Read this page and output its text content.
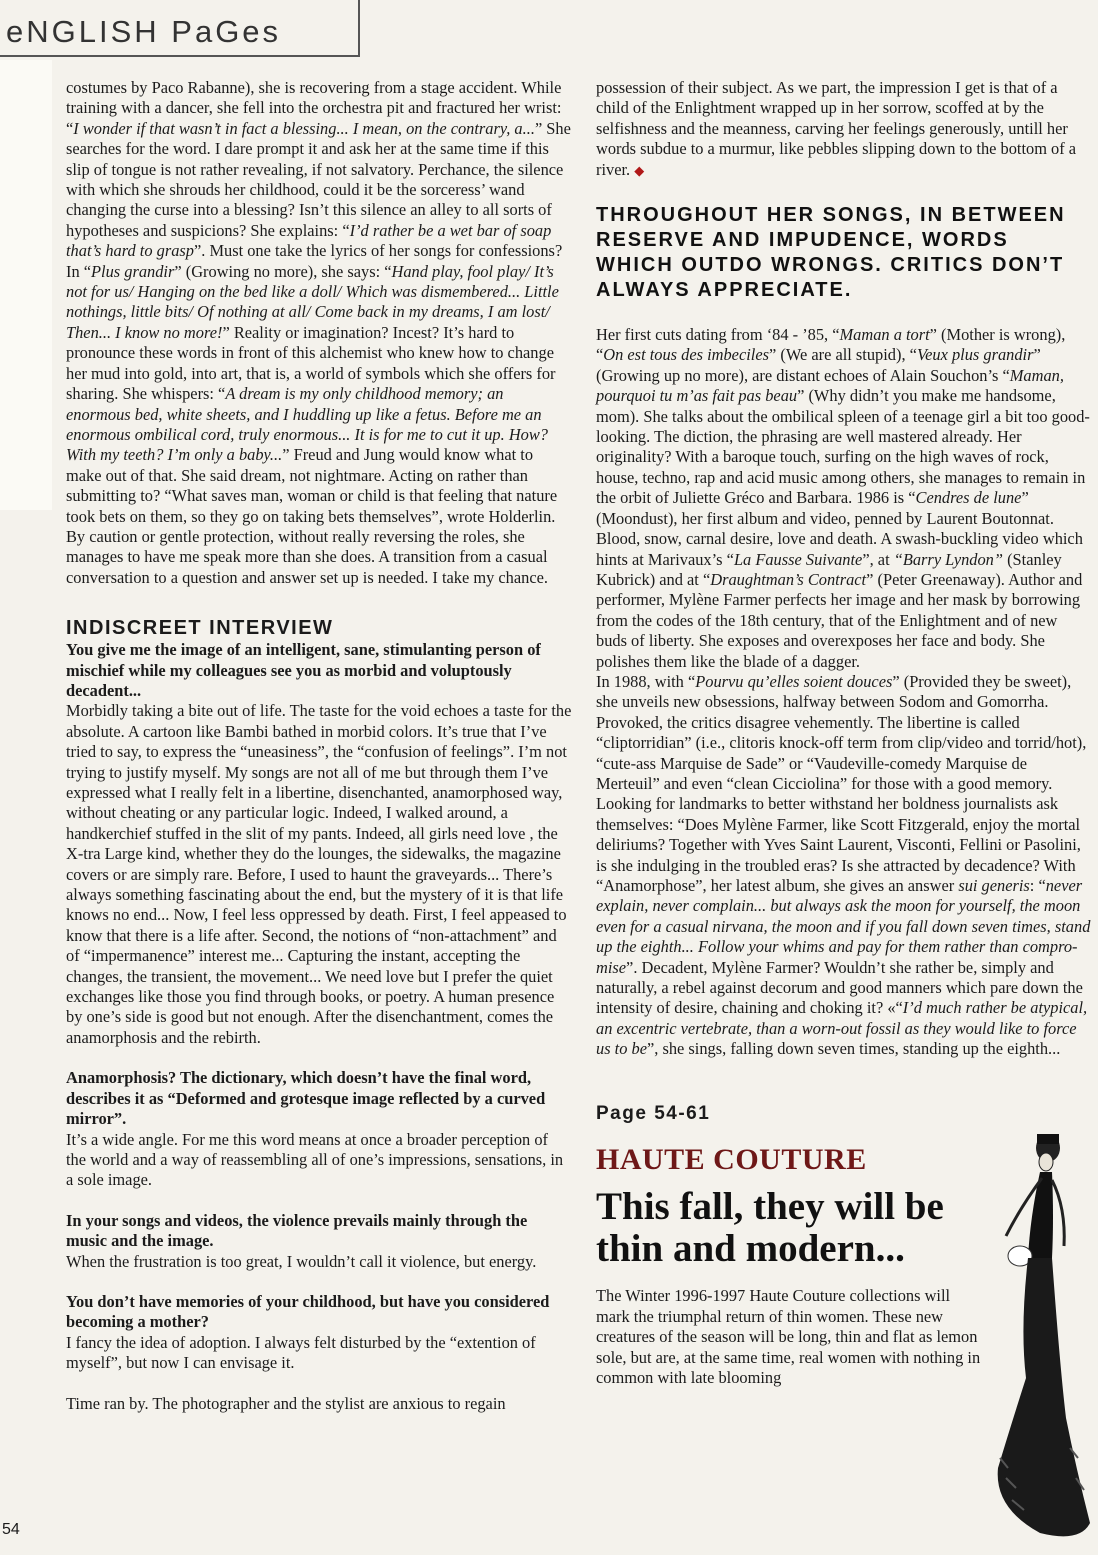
eNGLISH PaGes

costumes by Paco Rabanne), she is recovering from a stage accident. While training with a dancer, she fell into the orchestra pit and fractured her wrist: “I wonder if that wasn’t in fact a blessing... I mean, on the contrary, a...” She searches for the word. I dare prompt it and ask her at the same time if this slip of tongue is not rather revealing, if not salvatory. Perchance, the silence with which she shrouds her childhood, could it be the sorceress’ wand changing the curse into a blessing? Isn’t this silence an alley to all sorts of hypotheses and suspicions? She explains: “I’d rather be a wet bar of soap that’s hard to grasp”. Must one take the lyrics of her songs for confessions? In “Plus grandir” (Growing no more), she says: “Hand play, fool play/ It’s not for us/ Hanging on the bed like a doll/ Which was dismembered... Little nothings, little bits/ Of nothing at all/ Come back in my dreams, I am lost/ Then... I know no more!” Reality or imagination? Incest? It’s hard to pronounce these words in front of this alchemist who knew how to change her mud into gold, into art, that is, a world of symbols which she offers for sharing. She whispers: “A dream is my only childhood memory; an enormous bed, white sheets, and I huddling up like a fetus. Before me an enormous ombilical cord, truly enormous... It is for me to cut it up. How? With my teeth? I’m only a baby...” Freud and Jung would know what to make out of that. She said dream, not nightmare. Acting on rather than submitting to? “What saves man, woman or child is that feeling that nature took bets on them, so they go on taking bets themselves”, wrote Holderlin. By caution or gentle protection, without really reversing the roles, she manages to have me speak more than she does. A transition from a casual conversation to a question and answer set up is needed. I take my chance.

INDISCREET INTERVIEW

You give me the image of an intelligent, sane, stimulanting person of mischief while my colleagues see you as morbid and voluptously decadent...

Morbidly taking a bite out of life. The taste for the void echoes a taste for the absolute. A cartoon like Bambi bathed in morbid colors. It’s true that I’ve tried to say, to express the “uneasiness”, the “confusion of feelings”. I’m not trying to justify myself. My songs are not all of me but through them I’ve expressed what I really felt in a libertine, disenchanted, anamorphosed way, without cheating or any particular logic. Indeed, I walked around, a handkerchief stuffed in the slit of my pants. Indeed, all girls need love , the X-tra Large kind, whether they do the lounges, the sidewalks, the magazine covers or are simply rare. Before, I used to haunt the graveyards... There’s always something fascinating about the end, but the mystery of it is that life knows no end... Now, I feel less oppressed by death. First, I feel appeased to know that there is a life after. Second, the notions of “non-attachment” and of “impermanence” interest me... Capturing the instant, accepting the changes, the transient, the movement... We need love but I prefer the quiet exchanges like those you find through books, or poetry. A human presence by one’s side is good but not enough. After the disenchantment, comes the anamorphosis and the rebirth.

Anamorphosis? The dictionary, which doesn’t have the final word, describes it as “Deformed and grotesque image reflected by a curved mirror”.

It’s a wide angle. For me this word means at once a broader perception of the world and a way of reassembling all of one’s impressions, sensations, in a sole image.

In your songs and videos, the violence prevails mainly through the music and the image.

When the frustration is too great, I wouldn’t call it violence, but energy.

You don’t have memories of your childhood, but have you considered becoming a mother?

I fancy the idea of adoption. I always felt disturbed by the “extention of myself”, but now I can envisage it.

Time ran by. The photographer and the stylist are anxious to regain

possession of their subject. As we part, the impression I get is that of a child of the Enlightment wrapped up in her sorrow, scoffed at by the selfishness and the meanness, carving her feelings generously, untill her words subdue to a murmur, like pebbles slipping down to the bottom of a river. ◆

THROUGHOUT HER SONGS, IN BETWEEN RESERVE AND IMPUDENCE, WORDS WHICH OUTDO WRONGS. CRITICS DON’T ALWAYS APPRECIATE.

Her first cuts dating from ‘84 - ’85, “Maman a tort” (Mother is wrong), “On est tous des imbeciles” (We are all stupid), “Veux plus grandir” (Growing up no more), are distant echoes of Alain Souchon’s “Maman, pourquoi tu m’as fait pas beau” (Why didn’t you make me handsome, mom). She talks about the ombilical spleen of a teenage girl a bit too good-looking. The diction, the phrasing are well mastered already. Her originality? With a baroque touch, surfing on the high waves of rock, house, techno, rap and acid music among others, she manages to remain in the orbit of Juliette Gréco and Barbara. 1986 is “Cendres de lune” (Moondust), her first album and video, penned by Laurent Boutonnat. Blood, snow, carnal desire, love and death. A swash-buckling video which hints at Marivaux’s “La Fausse Suivante”, at “Barry Lyndon” (Stanley Kubrick) and at “Draughtman’s Contract” (Peter Greenaway). Author and performer, Mylène Farmer perfects her image and her mask by borrowing from the codes of the 18th century, that of the Enlightment and of new buds of liberty. She exposes and overexposes her face and body. She polishes them like the blade of a dagger.

In 1988, with “Pourvu qu’elles soient douces” (Provided they be sweet), she unveils new obsessions, halfway between Sodom and Gomorrha. Provoked, the critics disagree vehemently. The libertine is called “cliptorridian” (i.e., clitoris knock-off term from clip/video and torrid/hot), “cute-ass Marquise de Sade” or “Vaudeville-comedy Marquise de Merteuil” and even “clean Cicciolina” for those with a good memory. Looking for landmarks to better withstand her boldness journalists ask themselves: “Does Mylène Farmer, like Scott Fitzgerald, enjoy the mortal deliriums? Together with Yves Saint Laurent, Visconti, Fellini or Pasolini, is she indulging in the troubled eras? Is she attracted by decadence? With “Anamorphose”, her latest album, she gives an answer sui generis: “never explain, never complain... but always ask the moon for yourself, the moon even for a casual nirvana, the moon and if you fall down seven times, stand up the eighth... Follow your whims and pay for them rather than compro-mise”. Decadent, Mylène Farmer? Wouldn’t she rather be, simply and naturally, a rebel against decorum and good manners which pare down the intensity of desire, chaining and choking it? «“I’d much rather be atypical, an excentric vertebrate, than a worn-out fossil as they would like to force us to be”, she sings, falling down seven times, standing up the eighth...

Page 54-61

HAUTE COUTURE

This fall, they will be thin and modern...

The Winter 1996-1997 Haute Couture collections will mark the triumphal return of thin women. These new creatures of the season will be long, thin and flat as lemon sole, but are, at the same time, real women with nothing in common with late blooming

54
